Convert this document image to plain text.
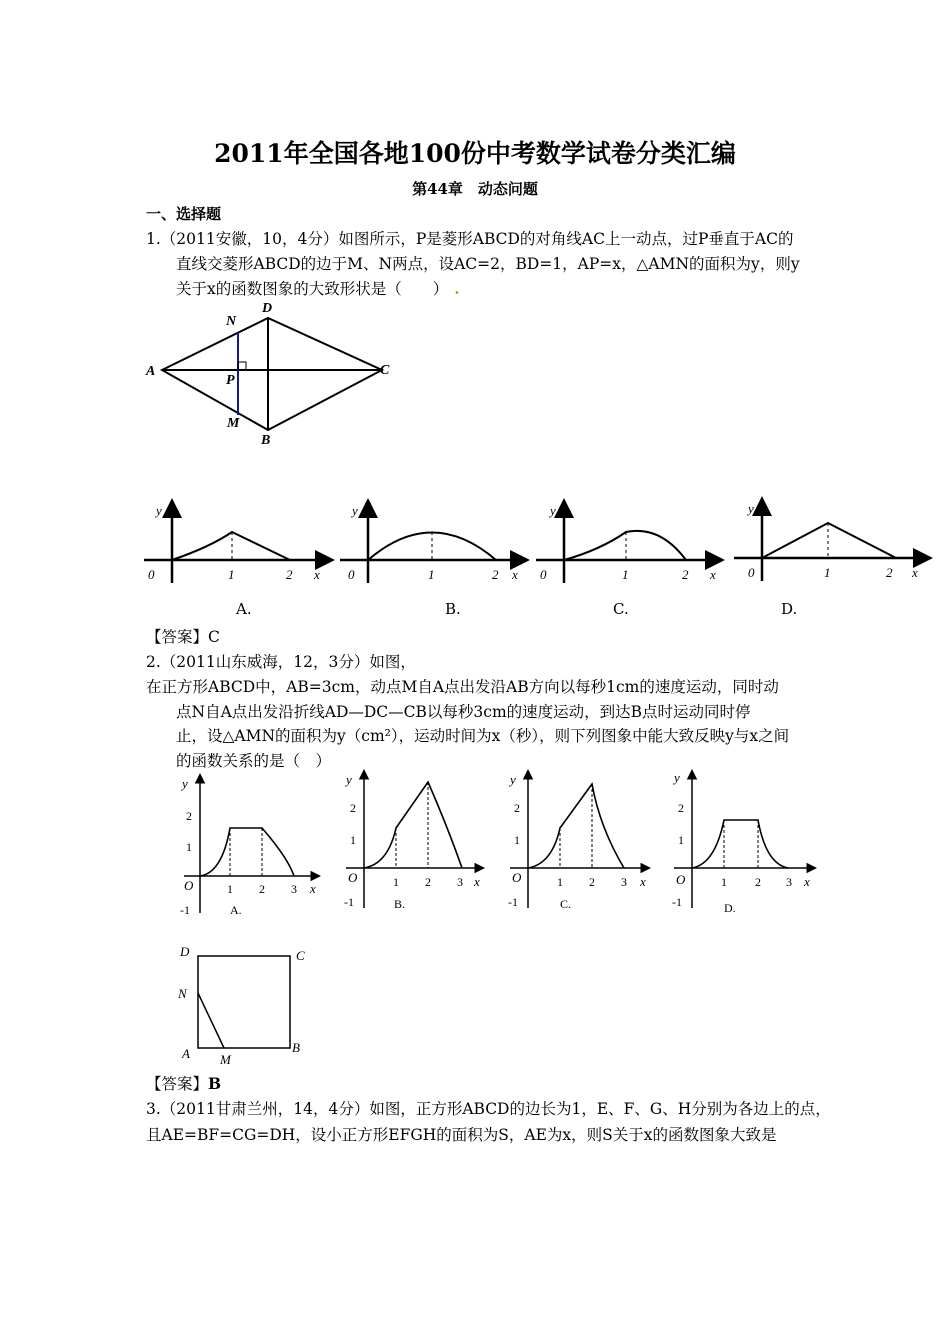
2011年全国各地100份中考数学试卷分类汇编
第44章　动态问题
一、选择题
1.（2011安徽，10，4分）如图所示，P是菱形ABCD的对角线AC上一动点，过P垂直于AC的
直线交菱形ABCD的边于M、N两点，设AC=2，BD=1，AP=x，△AMN的面积为y，则y
关于x的函数图象的大致形状是（　　） .
A
D
C
B
N
M
P
y
0	1	2 x
y
0	1	2 x
y
0	1	2 x
y
0	1	2 x
A.	B.	C.	D.
【答案】C
2.（2011山东威海，12，3分）如图，
在正方形ABCD中，AB=3cm，动点M自A点出发沿AB方向以每秒1cm的速度运动，同时动
点N自A点出发沿折线AD—DC—CB以每秒3cm的速度运动，到达B点时运动同时停
止，设△AMN的面积为y（cm²），运动时间为x（秒），则下列图象中能大致反映y与x之间
的函数关系的是（　）
y
2
1
O
-1
1 2 3 x
A.
y
2
1
O
-1
1 2 3 x
B.
y
2
1
O
-1
1 2 3 x
C.
y
2
1
O
-1
1 2 3 x
D.
D	C
N
A M
B
【答案】B
3.（2011甘肃兰州，14，4分）如图，正方形ABCD的边长为1，E、F、G、H分别为各边上的点，
且AE=BF=CG=DH，设小正方形EFGH的面积为S，AE为x，则S关于x的函数图象大致是
